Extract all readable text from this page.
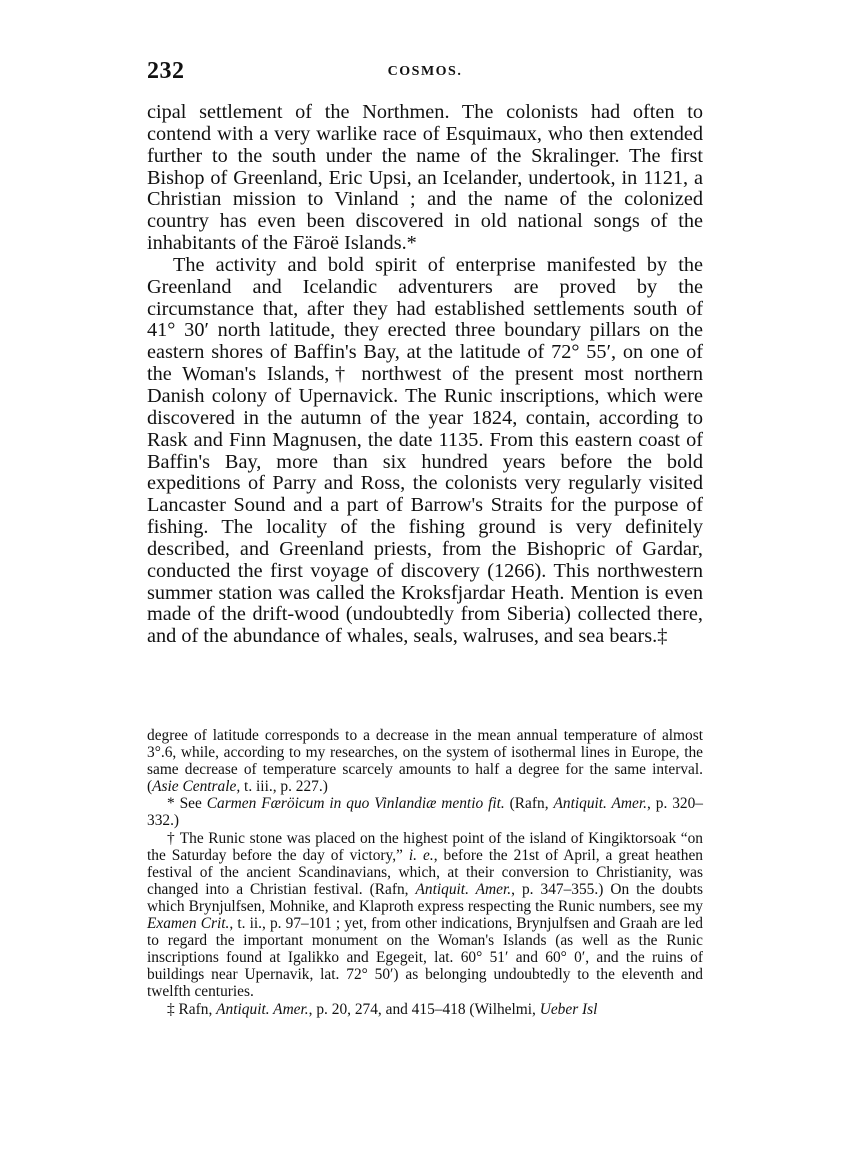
232	COSMOS.

cipal settlement of the Northmen. The colonists had often to contend with a very warlike race of Esquimaux, who then extended further to the south under the name of the Skralinger. The first Bishop of Greenland, Eric Upsi, an Icelander, undertook, in 1121, a Christian mission to Vinland ; and the name of the colonized country has even been discovered in old national songs of the inhabitants of the Färoë Islands.*

The activity and bold spirit of enterprise manifested by the Greenland and Icelandic adventurers are proved by the circumstance that, after they had established settlements south of 41° 30′ north latitude, they erected three boundary pillars on the eastern shores of Baffin's Bay, at the latitude of 72° 55′, on one of the Woman's Islands,† northwest of the present most northern Danish colony of Upernavick. The Runic inscriptions, which were discovered in the autumn of the year 1824, contain, according to Rask and Finn Magnusen, the date 1135. From this eastern coast of Baffin's Bay, more than six hundred years before the bold expeditions of Parry and Ross, the colonists very regularly visited Lancaster Sound and a part of Barrow's Straits for the purpose of fishing. The locality of the fishing ground is very definitely described, and Greenland priests, from the Bishopric of Gardar, conducted the first voyage of discovery (1266). This northwestern summer station was called the Kroksfjardar Heath. Mention is even made of the drift-wood (undoubtedly from Siberia) collected there, and of the abundance of whales, seals, walruses, and sea bears.‡

degree of latitude corresponds to a decrease in the mean annual temperature of almost 3°.6, while, according to my researches, on the system of isothermal lines in Europe, the same decrease of temperature scarcely amounts to half a degree for the same interval. (Asie Centrale, t. iii., p. 227.)

* See Carmen Færöicum in quo Vinlandiæ mentio fit. (Rafn, Antiquit. Amer., p. 320–332.)

† The Runic stone was placed on the highest point of the island of Kingiktorsoak “on the Saturday before the day of victory,” i. e., before the 21st of April, a great heathen festival of the ancient Scandinavians, which, at their conversion to Christianity, was changed into a Christian festival. (Rafn, Antiquit. Amer., p. 347–355.) On the doubts which Brynjulfsen, Mohnike, and Klaproth express respecting the Runic numbers, see my Examen Crit., t. ii., p. 97–101 ; yet, from other indications, Brynjulfsen and Graah are led to regard the important monument on the Woman's Islands (as well as the Runic inscriptions found at Igalikko and Egegeit, lat. 60° 51′ and 60° 0′, and the ruins of buildings near Upernavik, lat. 72° 50′) as belonging undoubtedly to the eleventh and twelfth centuries.

‡ Rafn, Antiquit. Amer., p. 20, 274, and 415–418 (Wilhelmi, Ueber Isl
